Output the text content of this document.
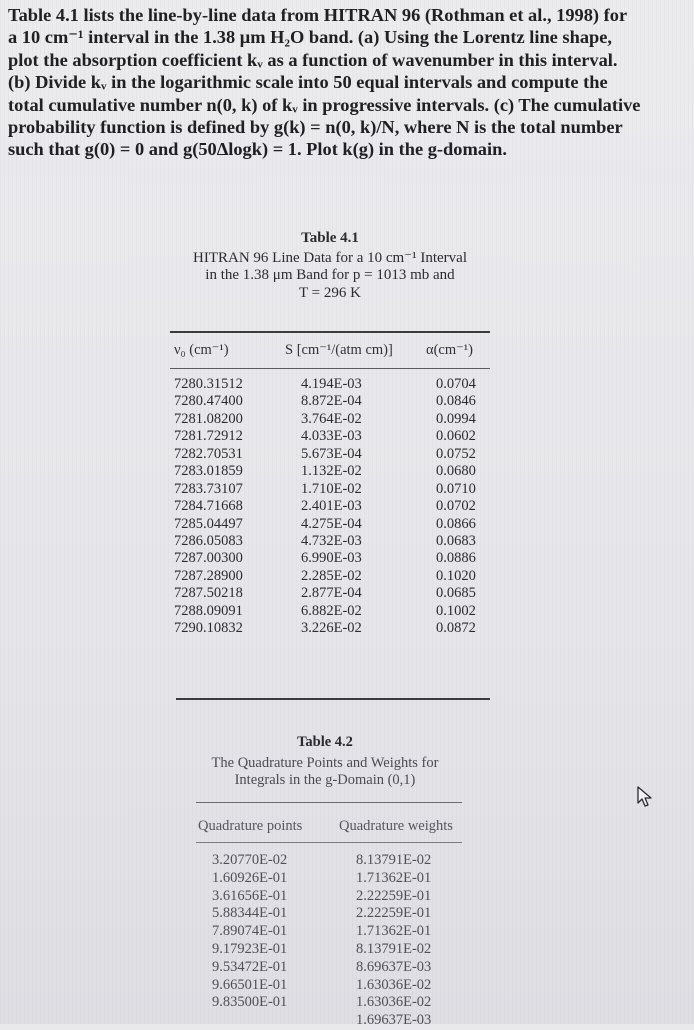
Table 4.1 lists the line-by-line data from HITRAN 96 (Rothman et al., 1998) for
a 10 cm⁻¹ interval in the 1.38 μm H₂O band. (a) Using the Lorentz line shape,
plot the absorption coefficient kᵥ as a function of wavenumber in this interval.
(b) Divide kᵥ in the logarithmic scale into 50 equal intervals and compute the
total cumulative number n(0, k) of kᵥ in progressive intervals. (c) The cumulative
probability function is defined by g(k) = n(0, k)/N, where N is the total number
such that g(0) = 0 and g(50Δlogk) = 1. Plot k(g) in the g-domain.
Table 4.1
HITRAN 96 Line Data for a 10 cm⁻¹ Interval
in the 1.38 μm Band for p = 1013 mb and
T = 296 K
ν₀ (cm⁻¹)	S [cm⁻¹/(atm cm)] α(cm⁻¹)
7280.31512
7280.47400
7281.08200
7281.72912
7282.70531
7283.01859
7283.73107
7284.71668
7285.04497
7286.05083
7287.00300
7287.28900
7287.50218
7288.09091
7290.10832
4.194E-03
8.872E-04
3.764E-02
4.033E-03
5.673E-04
1.132E-02
1.710E-02
2.401E-03
4.275E-04
4.732E-03
6.990E-03
2.285E-02
2.877E-04
6.882E-02
3.226E-02
0.0704
0.0846
0.0994
0.0602
0.0752
0.0680
0.0710
0.0702
0.0866
0.0683
0.0886
0.1020
0.0685
0.1002
0.0872
Table 4.2
The Quadrature Points and Weights for
Integrals in the g-Domain (0,1)
Quadrature points	Quadrature weights
3.20770E-02
1.60926E-01
3.61656E-01
5.88344E-01
7.89074E-01
9.17923E-01
9.53472E-01
9.66501E-01
9.83500E-01
8.13791E-02
1.71362E-01
2.22259E-01
2.22259E-01
1.71362E-01
8.13791E-02
8.69637E-03
1.63036E-02
1.63036E-02
1.69637E-03
